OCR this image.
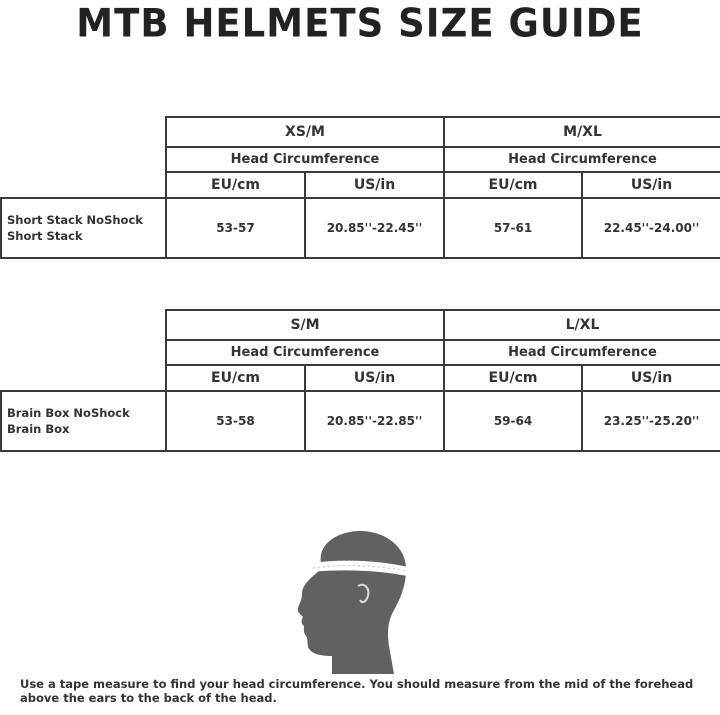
MTB HELMETS SIZE GUIDE
	XS/M		M/XL	
	Head Circumference		Head Circumference	
	EU/cm	US/in	EU/cm	US/in

Short Stack NoShock
Short Stack	53-57	20.85''-22.45''	57-61	22.45''-24.00''
	S/M		L/XL	
	Head Circumference		Head Circumference	
	EU/cm	US/in	EU/cm	US/in

Brain Box NoShock
Brain Box	53-58	20.85''-22.85''	59-64	23.25''-25.20''
Use a tape measure to find your head circumference. You should measure from the mid of the forehead above the ears to the back of the head.
